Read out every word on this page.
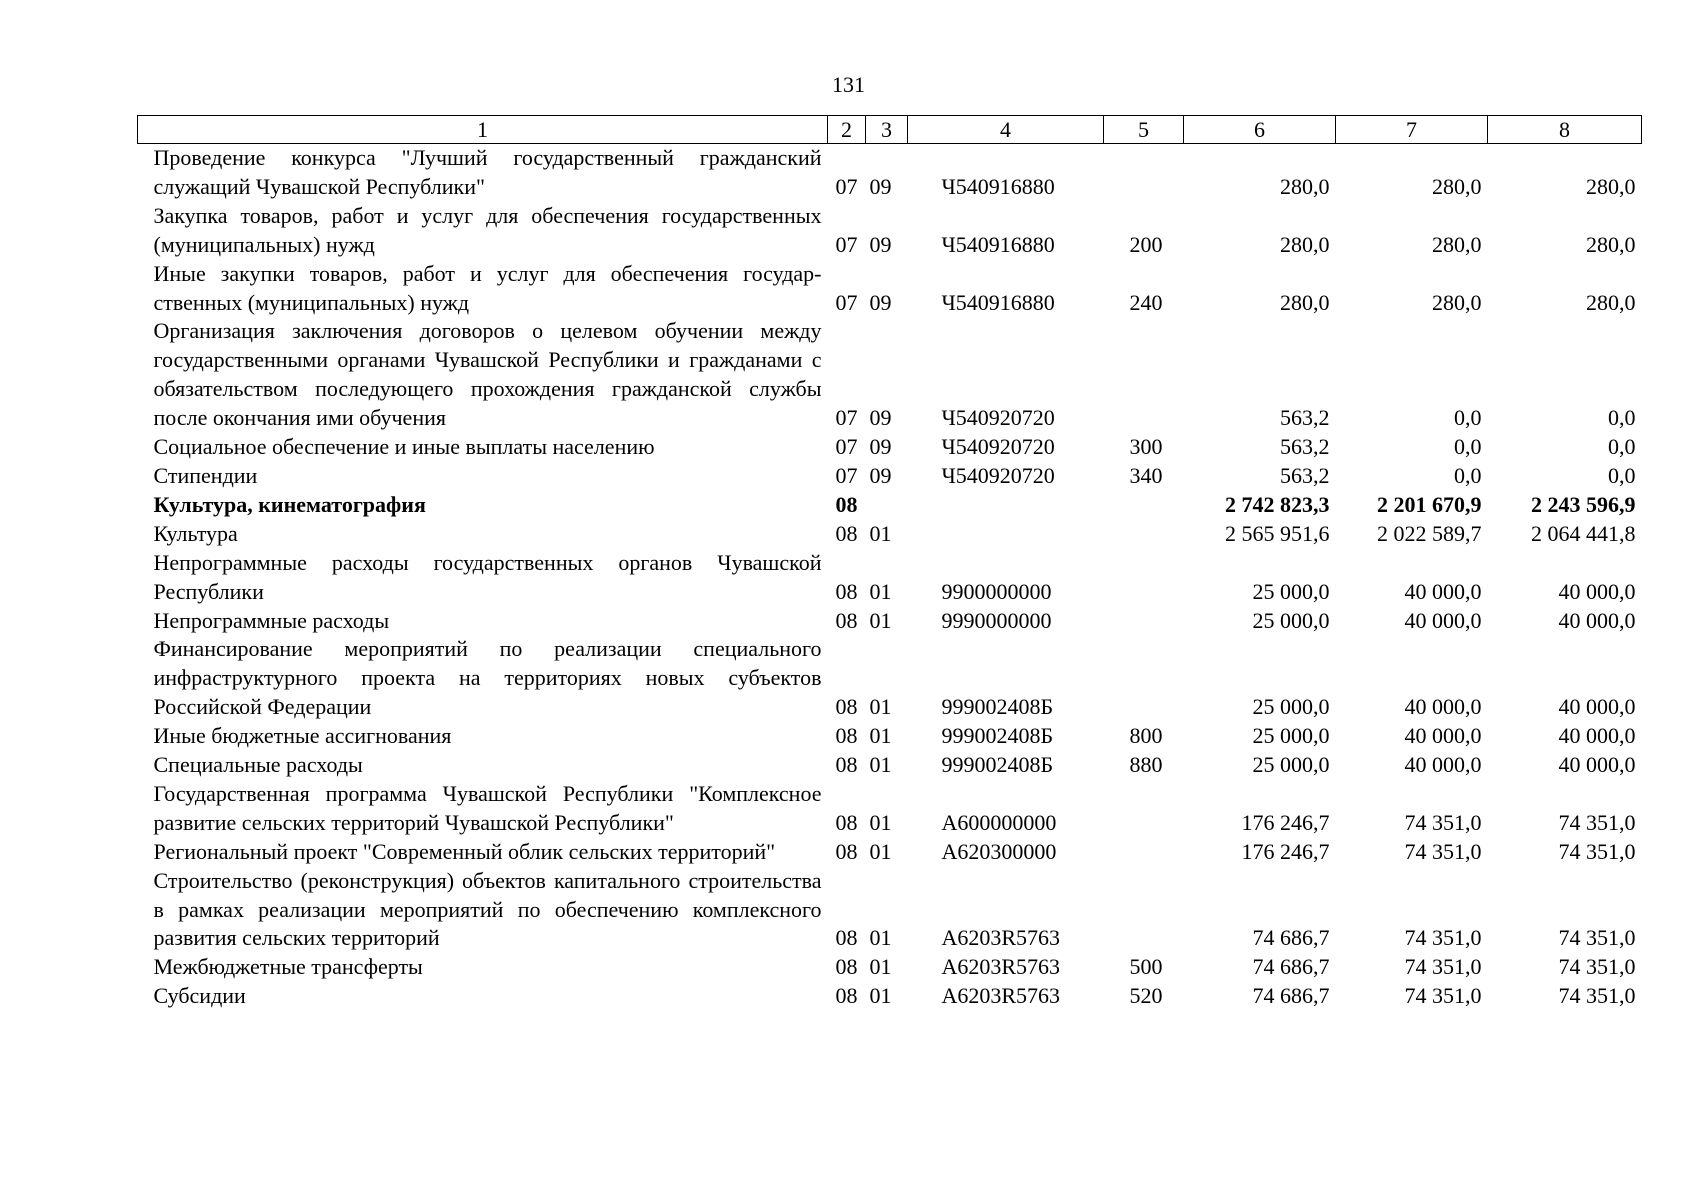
131
1	2	3	4	5	6	7	8
Проведение конкурса "Лучший государственный гражданский служащий Чувашской Республики"	07	09	Ч540916880		280,0	280,0	280,0
Закупка товаров, работ и услуг для обеспечения государственных (муниципальных) нужд	07	09	Ч540916880	200	280,0	280,0	280,0
Иные закупки товаров, работ и услуг для обеспечения государственных (муниципальных) нужд	07	09	Ч540916880	240	280,0	280,0	280,0
Организация заключения договоров о целевом обучении между государственными органами Чувашской Республики и гражданами с обязательством последующего прохождения гражданской службы после окончания ими обучения	07	09	Ч540920720		563,2	0,0	0,0
Социальное обеспечение и иные выплаты населению	07	09	Ч540920720	300	563,2	0,0	0,0
Стипендии	07	09	Ч540920720	340	563,2	0,0	0,0
Культура, кинематография	08				2 742 823,3	2 201 670,9	2 243 596,9
Культура	08	01			2 565 951,6	2 022 589,7	2 064 441,8
Непрограммные расходы государственных органов Чувашской Республики	08	01	9900000000		25 000,0	40 000,0	40 000,0
Непрограммные расходы	08	01	9990000000		25 000,0	40 000,0	40 000,0
Финансирование мероприятий по реализации специального инфраструктурного проекта на территориях новых субъектов Российской Федерации	08	01	999002408Б		25 000,0	40 000,0	40 000,0
Иные бюджетные ассигнования	08	01	999002408Б	800	25 000,0	40 000,0	40 000,0
Специальные расходы	08	01	999002408Б	880	25 000,0	40 000,0	40 000,0
Государственная программа Чувашской Республики "Комплексное развитие сельских территорий Чувашской Республики"	08	01	А600000000		176 246,7	74 351,0	74 351,0
Региональный проект "Современный облик сельских территорий"	08	01	А620300000		176 246,7	74 351,0	74 351,0
Строительство (реконструкция) объектов капитального строительства в рамках реализации мероприятий по обеспечению комплексного развития сельских территорий	08	01	А6203R5763		74 686,7	74 351,0	74 351,0
Межбюджетные трансферты	08	01	А6203R5763	500	74 686,7	74 351,0	74 351,0
Субсидии	08	01	А6203R5763	520	74 686,7	74 351,0	74 351,0
